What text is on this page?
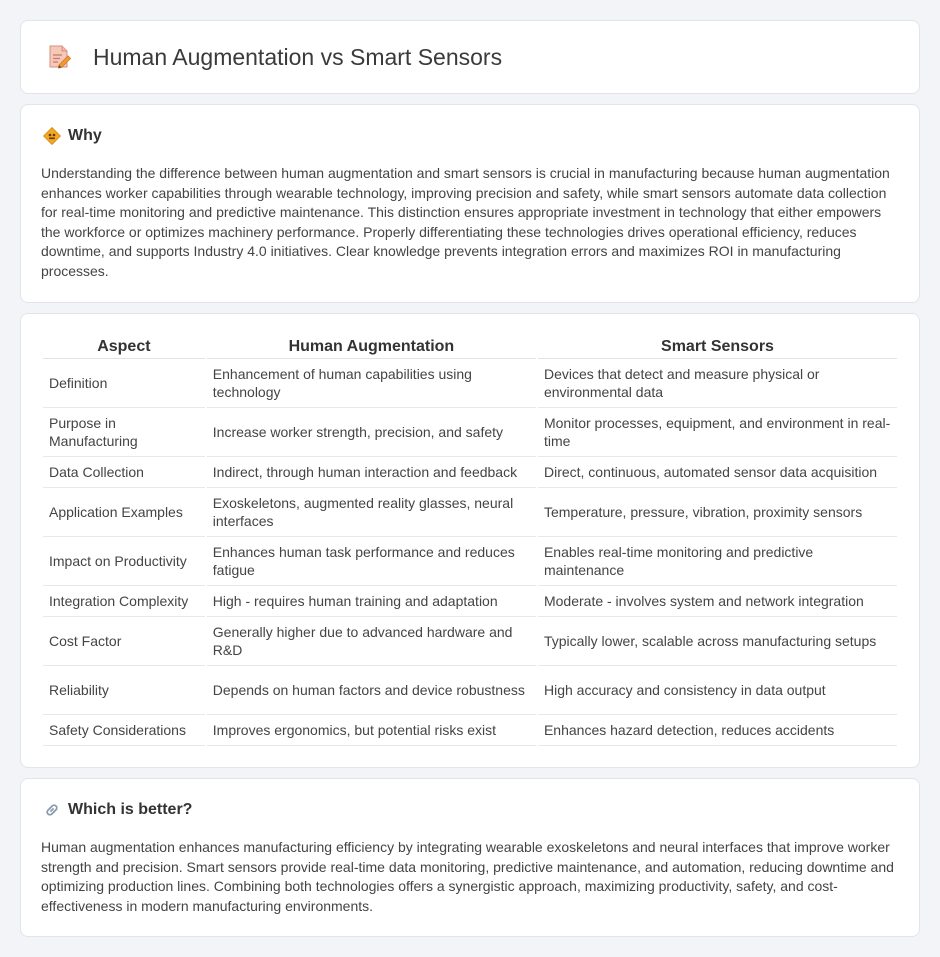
Human Augmentation vs Smart Sensors
Why

Understanding the difference between human augmentation and smart sensors is crucial in manufacturing because human augmentation enhances worker capabilities through wearable technology, improving precision and safety, while smart sensors automate data collection for real-time monitoring and predictive maintenance. This distinction ensures appropriate investment in technology that either empowers the workforce or optimizes machinery performance. Properly differentiating these technologies drives operational efficiency, reduces downtime, and supports Industry 4.0 initiatives. Clear knowledge prevents integration errors and maximizes ROI in manufacturing processes.

Aspect	Human Augmentation	Smart Sensors
Definition	Enhancement of human capabilities using technology	Devices that detect and measure physical or environmental data
Purpose in Manufacturing	Increase worker strength, precision, and safety	Monitor processes, equipment, and environment in real-time
Data Collection	Indirect, through human interaction and feedback	Direct, continuous, automated sensor data acquisition
Application Examples	Exoskeletons, augmented reality glasses, neural interfaces	Temperature, pressure, vibration, proximity sensors
Impact on Productivity	Enhances human task performance and reduces fatigue	Enables real-time monitoring and predictive maintenance
Integration Complexity	High - requires human training and adaptation	Moderate - involves system and network integration
Cost Factor	Generally higher due to advanced hardware and R&D	Typically lower, scalable across manufacturing setups
Reliability	Depends on human factors and device robustness	High accuracy and consistency in data output
Safety Considerations	Improves ergonomics, but potential risks exist	Enhances hazard detection, reduces accidents
Which is better?

Human augmentation enhances manufacturing efficiency by integrating wearable exoskeletons and neural interfaces that improve worker strength and precision. Smart sensors provide real-time data monitoring, predictive maintenance, and automation, reducing downtime and optimizing production lines. Combining both technologies offers a synergistic approach, maximizing productivity, safety, and cost-effectiveness in modern manufacturing environments.
